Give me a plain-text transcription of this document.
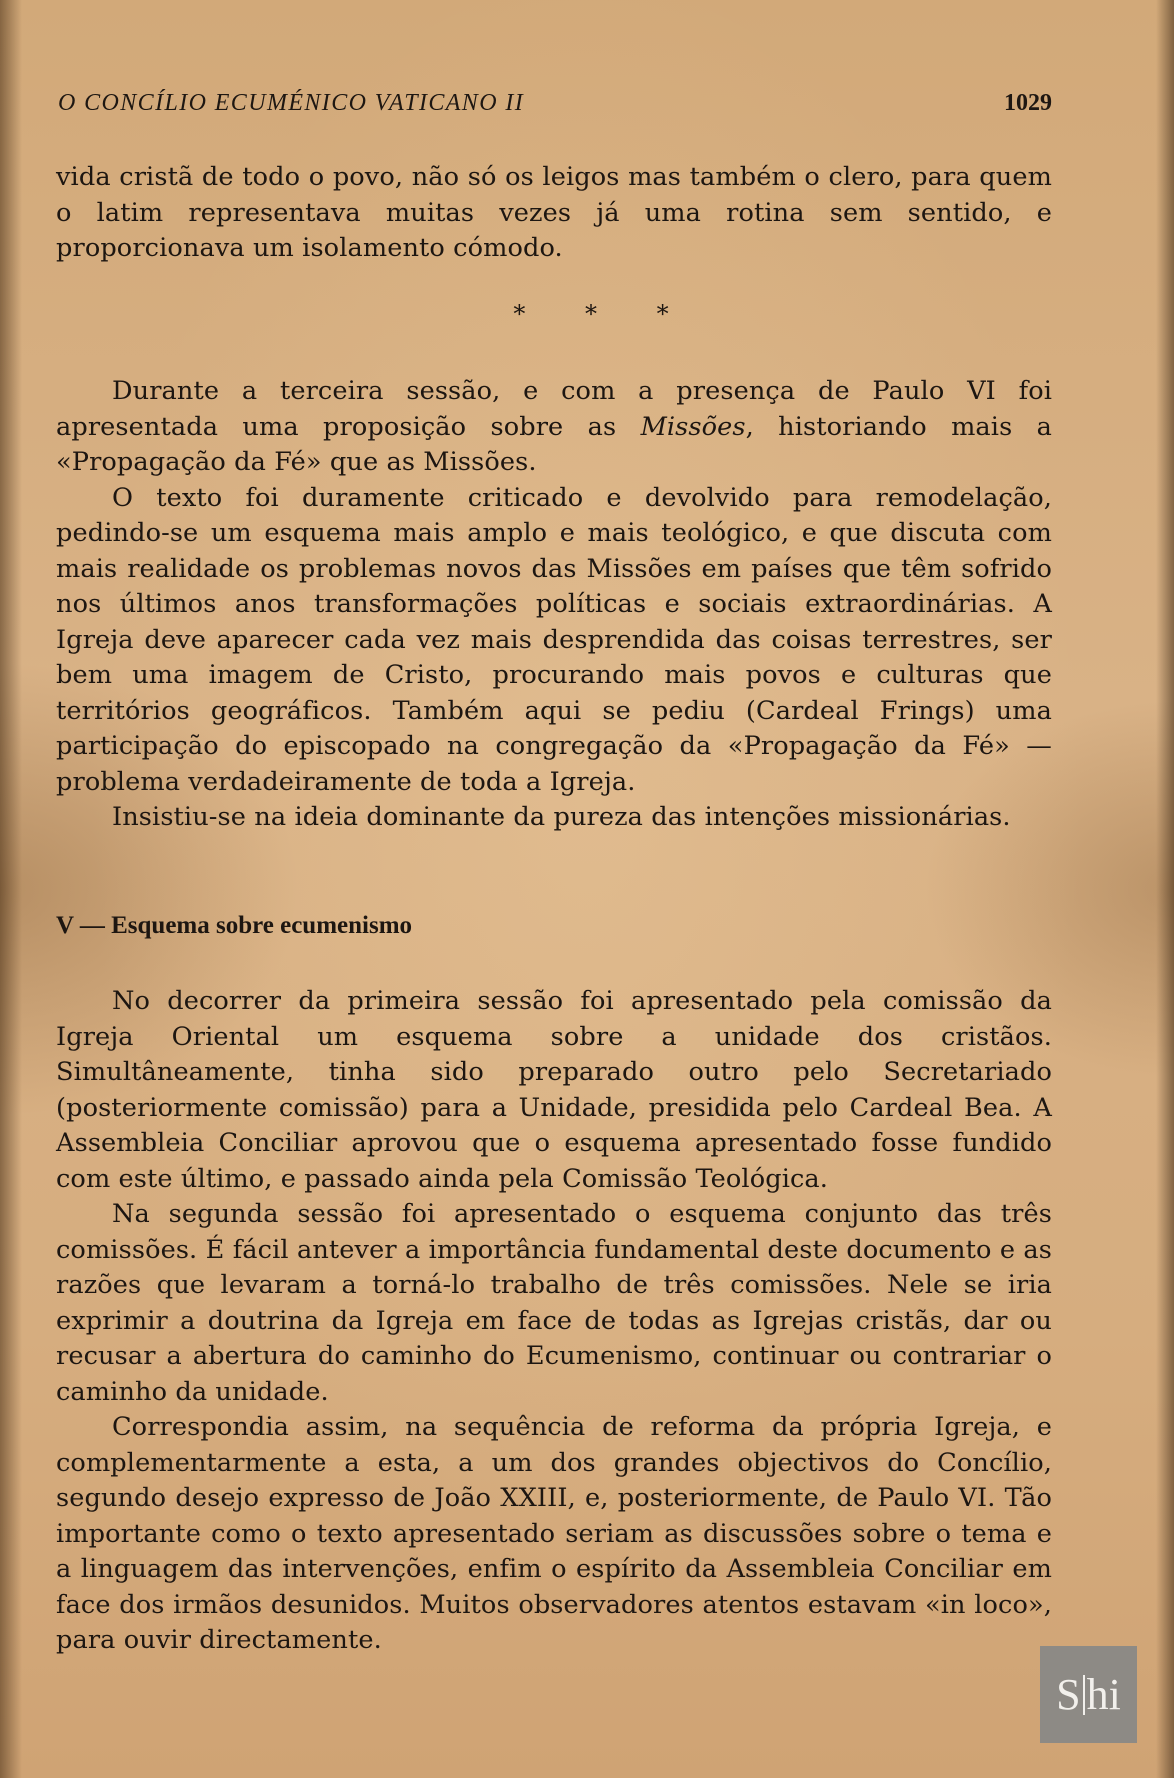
O CONCÍLIO ECUMÉNICO VATICANO II	1029

vida cristã de todo o povo, não só os leigos mas também o clero, para quem o latim representava muitas vezes já uma rotina sem sentido, e proporcionava um isolamento cómodo.

* * *

Durante a terceira sessão, e com a presença de Paulo VI foi apresentada uma proposição sobre as Missões, historiando mais a «Propagação da Fé» que as Missões.

O texto foi duramente criticado e devolvido para remodelação, pedindo-se um esquema mais amplo e mais teológico, e que discuta com mais realidade os problemas novos das Missões em países que têm sofrido nos últimos anos transformações políticas e sociais extraordinárias. A Igreja deve aparecer cada vez mais desprendida das coisas terrestres, ser bem uma imagem de Cristo, procurando mais povos e culturas que territórios geográficos. Também aqui se pediu (Cardeal Frings) uma participação do episcopado na congregação da «Propagação da Fé» — problema verdadeiramente de toda a Igreja.

Insistiu-se na ideia dominante da pureza das intenções missionárias.

V — Esquema sobre ecumenismo

No decorrer da primeira sessão foi apresentado pela comissão da Igreja Oriental um esquema sobre a unidade dos cristãos. Simultâneamente, tinha sido preparado outro pelo Secretariado (posteriormente comissão) para a Unidade, presidida pelo Cardeal Bea. A Assembleia Conciliar aprovou que o esquema apresentado fosse fundido com este último, e passado ainda pela Comissão Teológica.

Na segunda sessão foi apresentado o esquema conjunto das três comissões. É fácil antever a importância fundamental deste documento e as razões que levaram a torná-lo trabalho de três comissões. Nele se iria exprimir a doutrina da Igreja em face de todas as Igrejas cristãs, dar ou recusar a abertura do caminho do Ecumenismo, continuar ou contrariar o caminho da unidade.

Correspondia assim, na sequência de reforma da própria Igreja, e complementarmente a esta, a um dos grandes objectivos do Concílio, segundo desejo expresso de João XXIII, e, posteriormente, de Paulo VI. Tão importante como o texto apresentado seriam as discussões sobre o tema e a linguagem das intervenções, enfim o espírito da Assembleia Conciliar em face dos irmãos desunidos. Muitos observadores atentos estavam «in loco», para ouvir directamente.

S hi
